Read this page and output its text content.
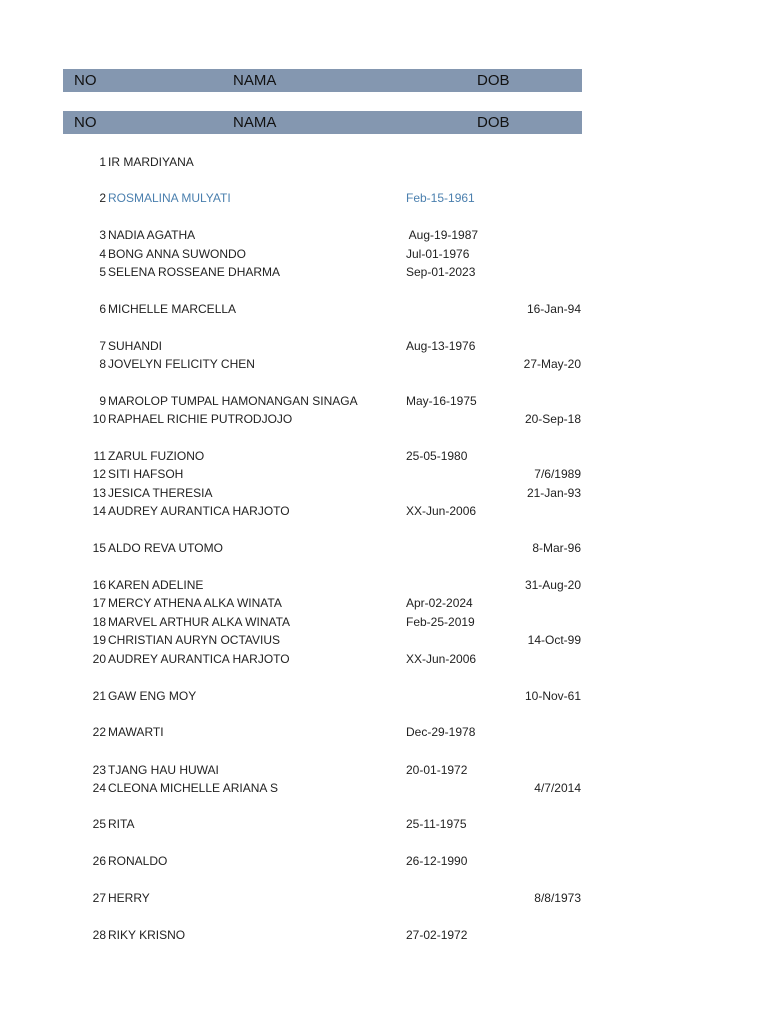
NO	NAMA	DOB
NO	NAMA	DOB
1 IR MARDIYANA
2 ROSMALINA MULYATI	Feb-15-1961
3 NADIA AGATHA	Aug-19-1987
4 BONG ANNA SUWONDO	Jul-01-1976
5 SELENA ROSSEANE DHARMA	Sep-01-2023
6 MICHELLE MARCELLA	16-Jan-94
7 SUHANDI	Aug-13-1976
8 JOVELYN FELICITY CHEN	27-May-20
9 MAROLOP TUMPAL HAMONANGAN SINAGA	May-16-1975
10 RAPHAEL RICHIE PUTRODJOJO	20-Sep-18
11 ZARUL FUZIONO	25-05-1980
12 SITI HAFSOH	7/6/1989
13 JESICA THERESIA	21-Jan-93
14 AUDREY AURANTICA HARJOTO	XX-Jun-2006
15 ALDO REVA UTOMO	8-Mar-96
16 KAREN ADELINE	31-Aug-20
17 MERCY ATHENA ALKA WINATA	Apr-02-2024
18 MARVEL ARTHUR ALKA WINATA	Feb-25-2019
19 CHRISTIAN AURYN OCTAVIUS	14-Oct-99
20 AUDREY AURANTICA HARJOTO	XX-Jun-2006
21 GAW ENG MOY	10-Nov-61
22 MAWARTI	Dec-29-1978
23 TJANG HAU HUWAI	20-01-1972
24 CLEONA MICHELLE ARIANA S	4/7/2014
25 RITA	25-11-1975
26 RONALDO	26-12-1990
27 HERRY	8/8/1973
28 RIKY KRISNO	27-02-1972
